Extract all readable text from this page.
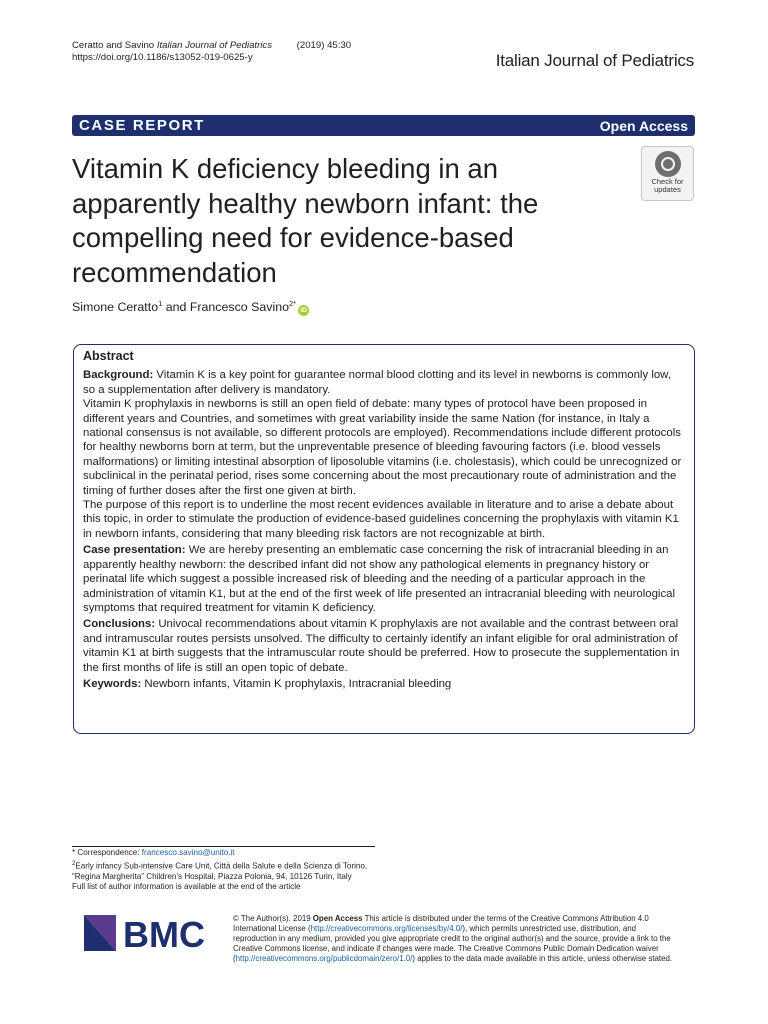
Ceratto and Savino Italian Journal of Pediatrics	(2019) 45:30
https://doi.org/10.1186/s13052-019-0625-y	Italian Journal of Pediatrics
CASE REPORT	Open Access
Vitamin K deficiency bleeding in an apparently healthy newborn infant: the compelling need for evidence-based recommendation
Check for
updates
Simone Ceratto$^1$ and Francesco Savino$^{2*}$iD
Abstract

Background: Vitamin K is a key point for guarantee normal blood clotting and its level in newborns is commonly low, so a supplementation after delivery is mandatory.

Vitamin K prophylaxis in newborns is still an open field of debate: many types of protocol have been proposed in different years and Countries, and sometimes with great variability inside the same Nation (for instance, in Italy a national consensus is not available, so different protocols are employed). Recommendations include different protocols for healthy newborns born at term, but the unpreventable presence of bleeding favouring factors (i.e. blood vessels malformations) or limiting intestinal absorption of liposoluble vitamins (i.e. cholestasis), which could be unrecognized or subclinical in the perinatal period, rises some concerning about the most precautionary route of administration and the timing of further doses after the first one given at birth.

The purpose of this report is to underline the most recent evidences available in literature and to arise a debate about this topic, in order to stimulate the production of evidence-based guidelines concerning the prophylaxis with vitamin K1 in newborn infants, considering that many bleeding risk factors are not recognizable at birth.

Case presentation: We are hereby presenting an emblematic case concerning the risk of intracranial bleeding in an apparently healthy newborn: the described infant did not show any pathological elements in pregnancy history or perinatal life which suggest a possible increased risk of bleeding and the needing of a particular approach in the administration of vitamin K1, but at the end of the first week of life presented an intracranial bleeding with neurological symptoms that required treatment for vitamin K deficiency.

Conclusions: Univocal recommendations about vitamin K prophylaxis are not available and the contrast between oral and intramuscular routes persists unsolved. The difficulty to certainly identify an infant eligible for oral administration of vitamin K1 at birth suggests that the intramuscular route should be preferred. How to prosecute the supplementation in the first months of life is still an open topic of debate.

Keywords: Newborn infants, Vitamin K prophylaxis, Intracranial bleeding

* Correspondence: francesco.savino@unito.it
$^2$Early infancy Sub-intensive Care Unit, Città della Salute e della Scienza di Torino, “Regina Margherita” Children’s Hospital, Piazza Polonia, 94, 10126 Turin, Italy
Full list of author information is available at the end of the article
BMC	© The Author(s). 2019 Open Access This article is distributed under the terms of the Creative Commons Attribution 4.0 International License (http://creativecommons.org/licenses/by/4.0/), which permits unrestricted use, distribution, and reproduction in any medium, provided you give appropriate credit to the original author(s) and the source, provide a link to the Creative Commons license, and indicate if changes were made. The Creative Commons Public Domain Dedication waiver (http://creativecommons.org/publicdomain/zero/1.0/) applies to the data made available in this article, unless otherwise stated.
